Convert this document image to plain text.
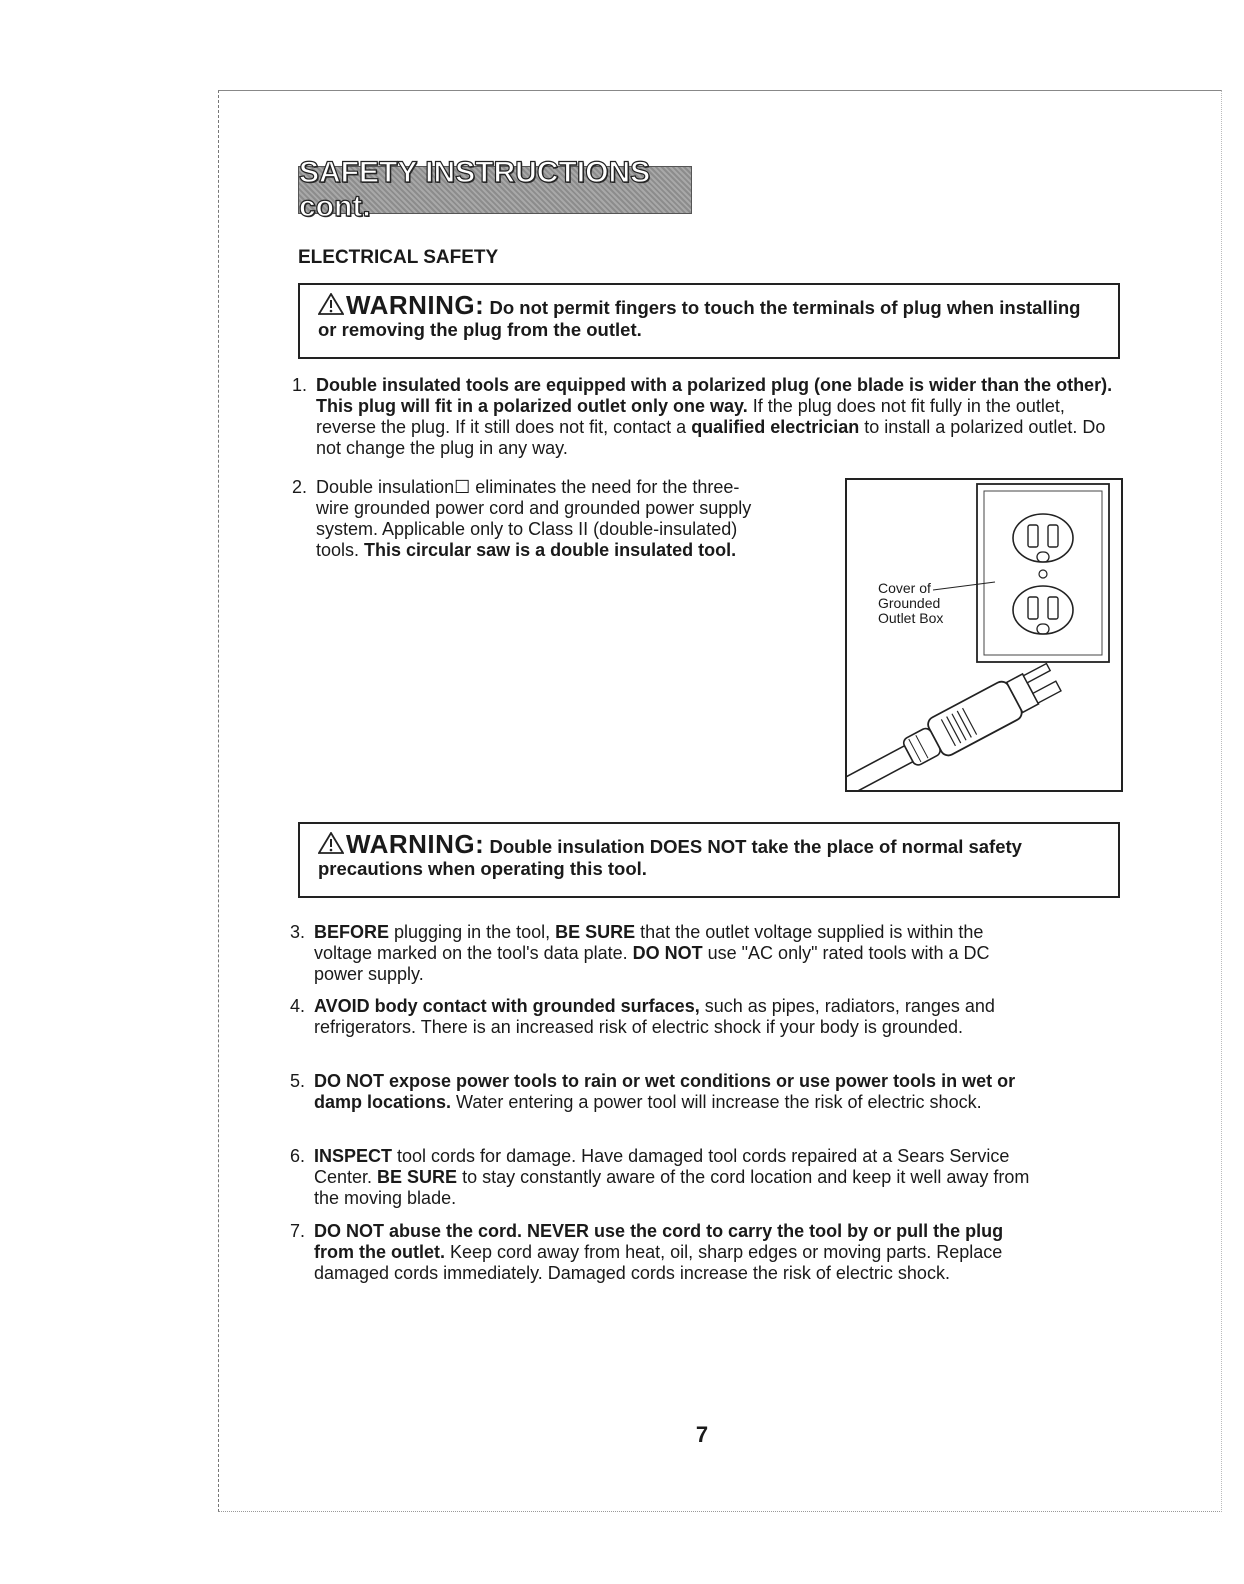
SAFETY INSTRUCTIONS cont.
ELECTRICAL SAFETY
WARNING: Do not permit fingers to touch the terminals of plug when installing or removing the plug from the outlet.
1. Double insulated tools are equipped with a polarized plug (one blade is wider than the other). This plug will fit in a polarized outlet only one way. If the plug does not fit fully in the outlet, reverse the plug. If it still does not fit, contact a qualified electrician to install a polarized outlet. Do not change the plug in any way.
2. Double insulation☐ eliminates the need for the three-wire grounded power cord and grounded power supply system. Applicable only to Class II (double-insulated) tools. This circular saw is a double insulated tool.
Cover of
Grounded
Outlet Box
WARNING: Double insulation DOES NOT take the place of normal safety precautions when operating this tool.
3. BEFORE plugging in the tool, BE SURE that the outlet voltage supplied is within the voltage marked on the tool's data plate. DO NOT use "AC only" rated tools with a DC power supply.
4. AVOID body contact with grounded surfaces, such as pipes, radiators, ranges and refrigerators. There is an increased risk of electric shock if your body is grounded.
5. DO NOT expose power tools to rain or wet conditions or use power tools in wet or damp locations. Water entering a power tool will increase the risk of electric shock.
6. INSPECT tool cords for damage. Have damaged tool cords repaired at a Sears Service Center. BE SURE to stay constantly aware of the cord location and keep it well away from the moving blade.
7. DO NOT abuse the cord. NEVER use the cord to carry the tool by or pull the plug from the outlet. Keep cord away from heat, oil, sharp edges or moving parts. Replace damaged cords immediately. Damaged cords increase the risk of electric shock.
7
